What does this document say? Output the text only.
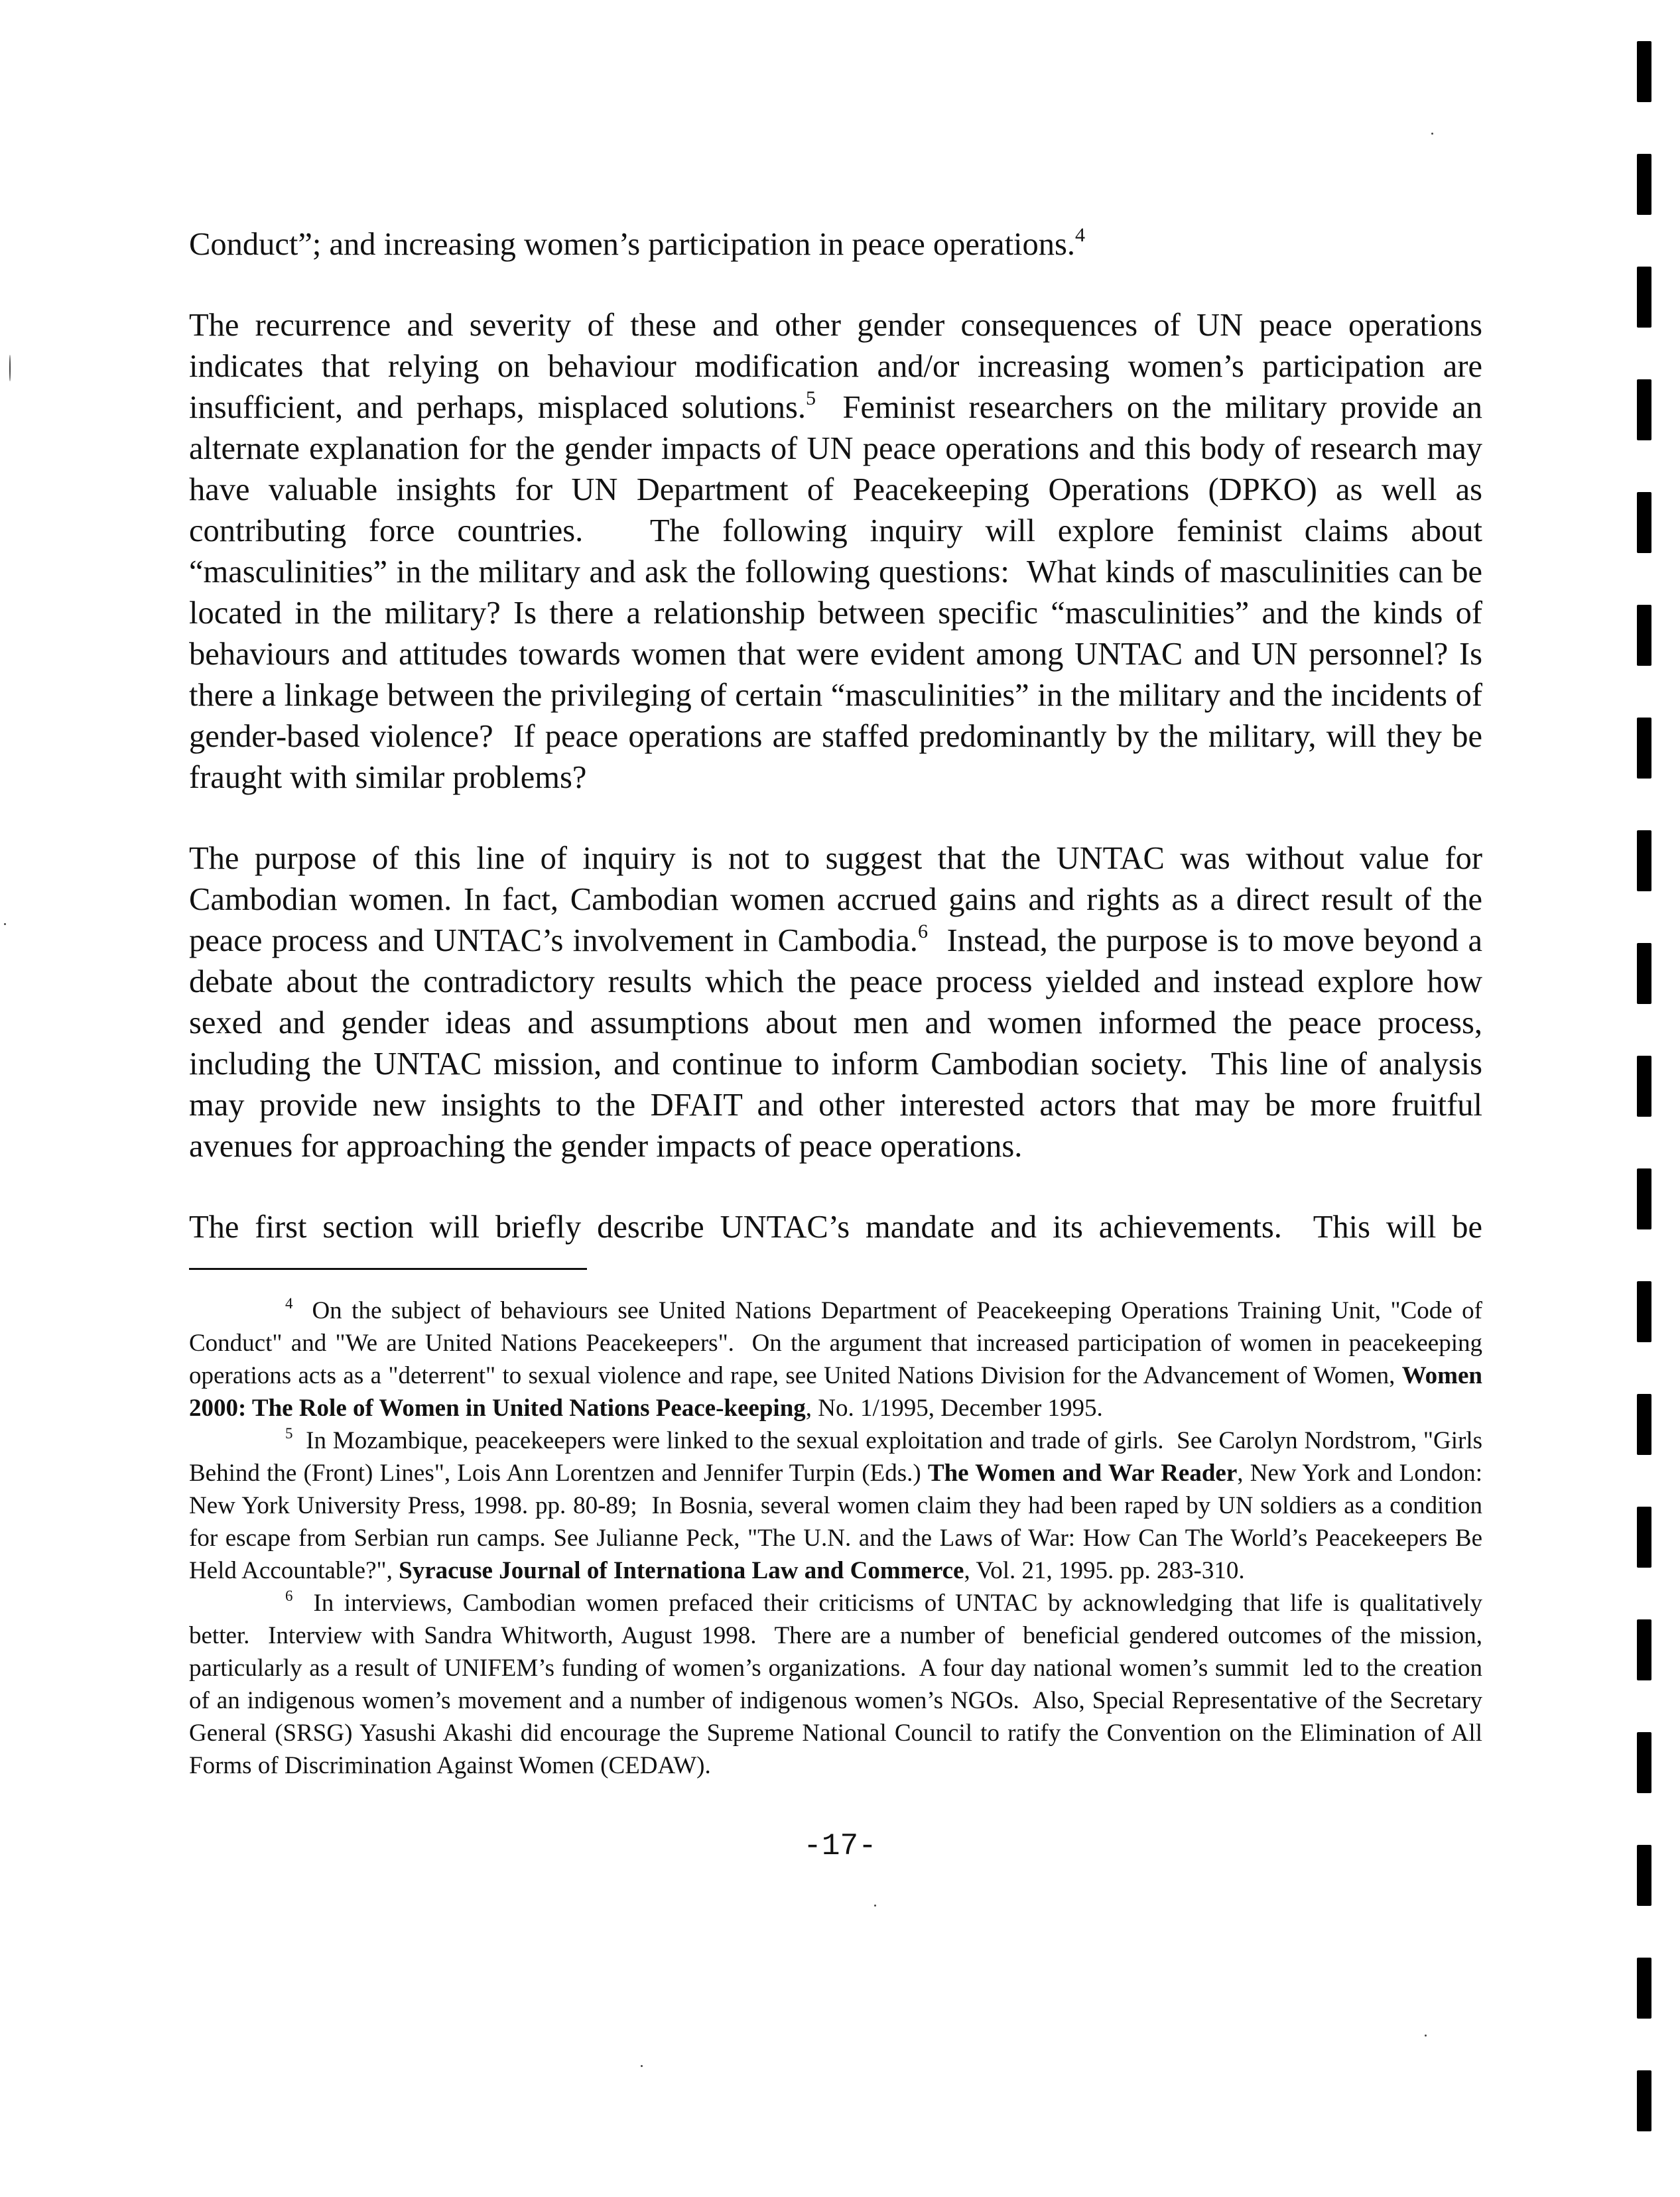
Conduct”; and increasing women’s participation in peace operations.$^4$

The recurrence and severity of these and other gender consequences of UN peace operations indicates that relying on behaviour modification and/or increasing women’s participation are insufficient, and perhaps, misplaced solutions.$^5$  Feminist researchers on the military provide an alternate explanation for the gender impacts of UN peace operations and this body of research may have valuable insights for UN Department of Peacekeeping Operations (DPKO) as well as contributing force countries.   The following inquiry will explore feminist claims about “masculinities” in the military and ask the following questions:  What kinds of masculinities can be located in the military? Is there a relationship between specific “masculinities” and the kinds of behaviours and attitudes towards women that were evident among UNTAC and UN personnel? Is there a linkage between the privileging of certain “masculinities” in the military and the incidents of gender-based violence?  If peace operations are staffed predominantly by the military, will they be fraught with similar problems?

The purpose of this line of inquiry is not to suggest that the UNTAC was without value for Cambodian women. In fact, Cambodian women accrued gains and rights as a direct result of the peace process and UNTAC’s involvement in Cambodia.$^6$  Instead, the purpose is to move beyond a debate about the contradictory results which the peace process yielded and instead explore how sexed and gender ideas and assumptions about men and women informed the peace process, including the UNTAC mission, and continue to inform Cambodian society.  This line of analysis may provide new insights to the DFAIT and other interested actors that may be more fruitful avenues for approaching the gender impacts of peace operations.

The first section will briefly describe UNTAC’s mandate and its achievements.  This will be

$^4$  On the subject of behaviours see United Nations Department of Peacekeeping Operations Training Unit, "Code of Conduct" and "We are United Nations Peacekeepers".  On the argument that increased participation of women in peacekeeping operations acts as a "deterrent" to sexual violence and rape, see United Nations Division for the Advancement of Women, Women 2000: The Role of Women in United Nations Peace-keeping, No. 1/1995, December 1995.

$^5$  In Mozambique, peacekeepers were linked to the sexual exploitation and trade of girls.  See Carolyn Nordstrom, "Girls Behind the (Front) Lines", Lois Ann Lorentzen and Jennifer Turpin (Eds.) The Women and War Reader, New York and London: New York University Press, 1998. pp. 80-89;  In Bosnia, several women claim they had been raped by UN soldiers as a condition for escape from Serbian run camps. See Julianne Peck, "The U.N. and the Laws of War: How Can The World’s Peacekeepers Be Held Accountable?", Syracuse Journal of Internationa Law and Commerce, Vol. 21, 1995. pp. 283-310.

$^6$  In interviews, Cambodian women prefaced their criticisms of UNTAC by acknowledging that life is qualitatively better.  Interview with Sandra Whitworth, August 1998.  There are a number of  beneficial gendered outcomes of the mission, particularly as a result of UNIFEM’s funding of women’s organizations.  A four day national women’s summit  led to the creation of an indigenous women’s movement and a number of indigenous women’s NGOs.  Also, Special Representative of the Secretary General (SRSG) Yasushi Akashi did encourage the Supreme National Council to ratify the Convention on the Elimination of All Forms of Discrimination Against Women (CEDAW).

-17-
